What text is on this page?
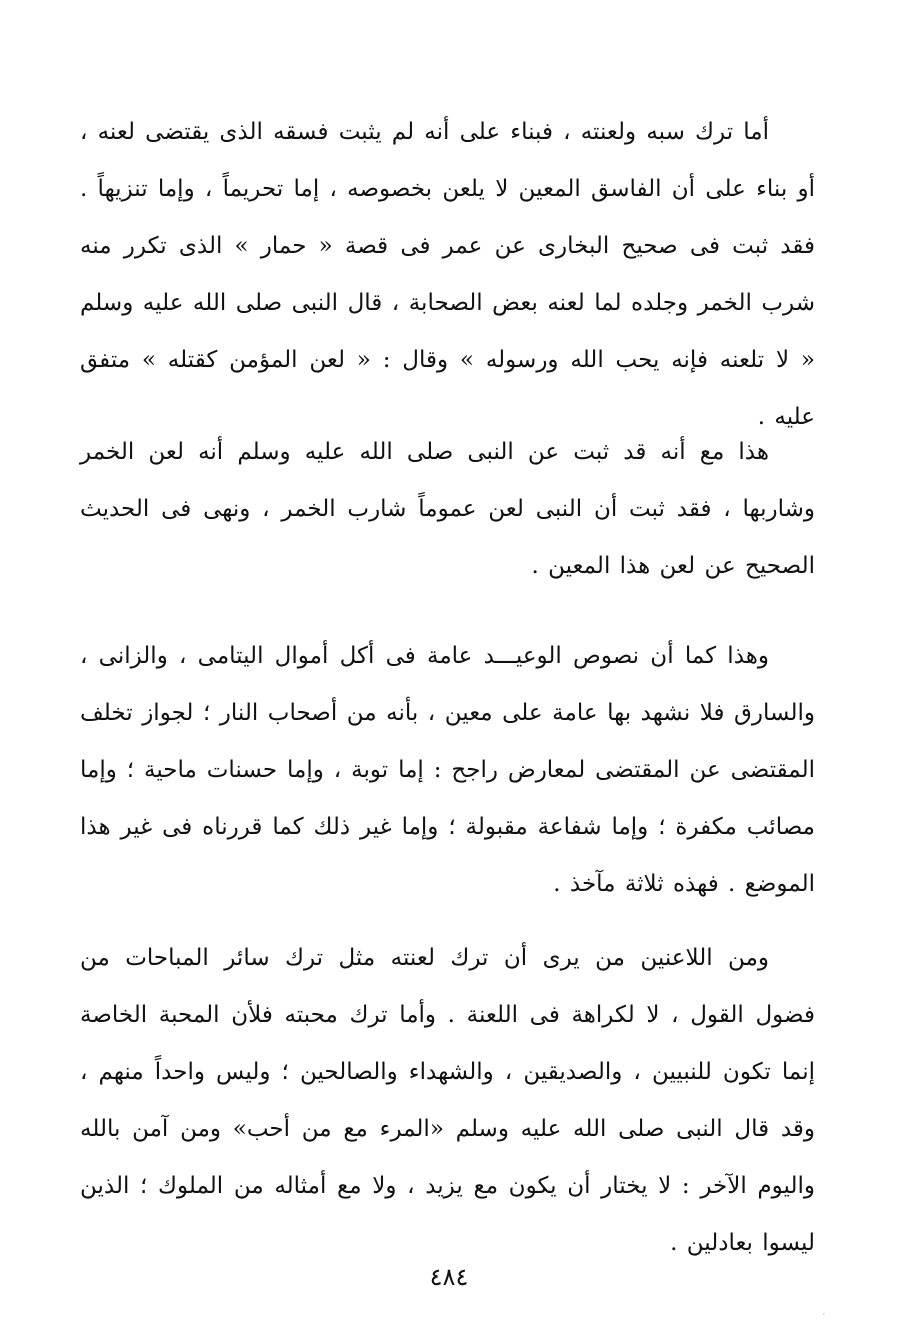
أما ترك سبه ولعنته ، فبناء على أنه لم يثبت فسقه الذى يقتضى لعنه ، أو بناء على أن الفاسق المعين لا يلعن بخصوصه ، إما تحريماً ، وإما تنزيهاً . فقد ثبت فى صحيح البخارى عن عمر فى قصة « حمار » الذى تكرر منه شرب الخمر وجلده لما لعنه بعض الصحابة ، قال النبى صلى الله عليه وسلم « لا تلعنه فإنه يحب الله ورسوله » وقال : « لعن المؤمن كقتله » متفق عليه .

هذا مع أنه قد ثبت عن النبى صلى الله عليه وسلم أنه لعن الخمر وشاربها ، فقد ثبت أن النبى لعن عموماً شارب الخمر ، ونهى فى الحديث الصحيح عن لعن هذا المعين .

وهذا كما أن نصوص الوعيـــد عامة فى أكل أموال اليتامى ، والزانى ، والسارق فلا نشهد بها عامة على معين ، بأنه من أصحاب النار ؛ لجواز تخلف المقتضى عن المقتضى لمعارض راجح : إما توبة ، وإما حسنات ماحية ؛ وإما مصائب مكفرة ؛ وإما شفاعة مقبولة ؛ وإما غير ذلك كما قررناه فى غير هذا الموضع . فهذه ثلاثة مآخذ .

ومن اللاعنين من يرى أن ترك لعنته مثل ترك سائر المباحات من فضول القول ، لا لكراهة فى اللعنة . وأما ترك محبته فلأن المحبة الخاصة إنما تكون للنبيين ، والصديقين ، والشهداء والصالحين ؛ وليس واحداً منهم ، وقد قال النبى صلى الله عليه وسلم «المرء مع من أحب» ومن آمن بالله واليوم الآخر : لا يختار أن يكون مع يزيد ، ولا مع أمثاله من الملوك ؛ الذين ليسوا بعادلين .

٤٨٤
·
